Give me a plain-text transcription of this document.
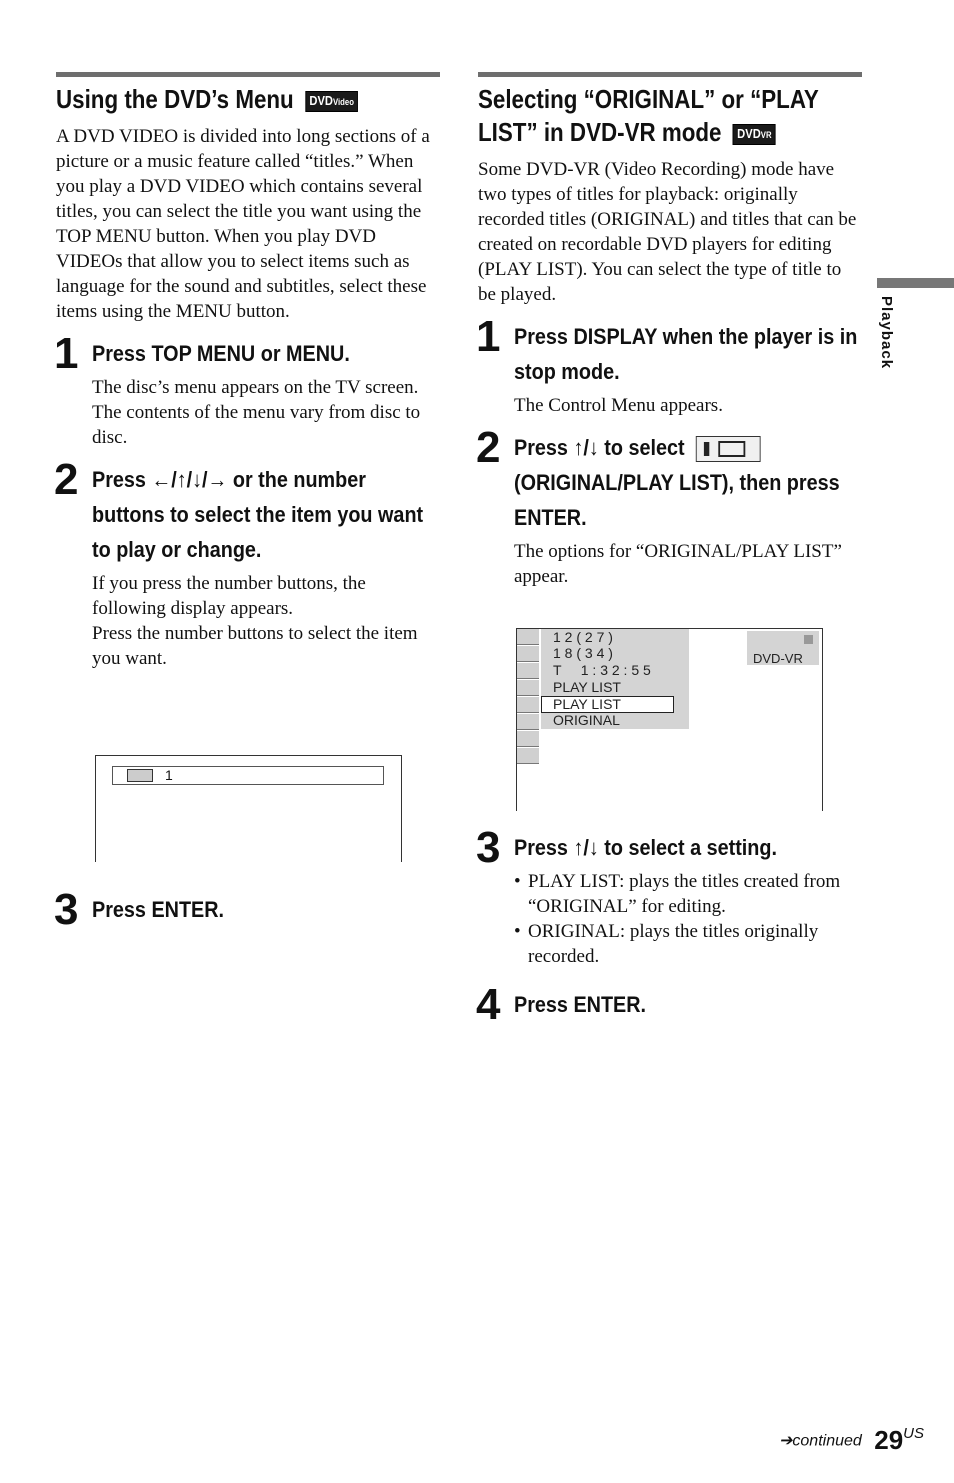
Using the DVD’s Menu DVDVideo

A DVD VIDEO is divided into long sections of a picture or a music feature called “titles.” When you play a DVD VIDEO which contains several titles, you can select the title you want using the TOP MENU button. When you play DVD VIDEOs that allow you to select items such as language for the sound and subtitles, select these items using the MENU button.

1 Press TOP MENU or MENU.

The disc’s menu appears on the TV screen.

The contents of the menu vary from disc to disc.

2 Press ←/↑/↓/→ or the number buttons to select the item you want to play or change.

If you press the number buttons, the following display appears.

Press the number buttons to select the item you want.

1
3 Press ENTER.
Selecting “ORIGINAL” or “PLAY
LIST” in DVD-VR mode DVDVR

Some DVD-VR (Video Recording) mode have two types of titles for playback: originally recorded titles (ORIGINAL) and titles that can be created on recordable DVD players for editing (PLAY LIST). You can select the type of title to be played.

1 Press DISPLAY when the player is in stop mode.
The Control Menu appears.
2 Press ↑/↓ to select

(ORIGINAL/PLAY LIST), then press ENTER.
The options for “ORIGINAL/PLAY LIST” appear.
1 2 ( 2 7 )
1 8 ( 3 4 )
T     1 : 3 2 : 5 5
PLAY LIST
PLAY LIST
ORIGINAL
DVD-VR
3 Press ↑/↓ to select a setting.
• PLAY LIST: plays the titles created from “ORIGINAL” for editing.
• ORIGINAL: plays the titles originally recorded.
4 Press ENTER.
Playback
➔continued 29US
